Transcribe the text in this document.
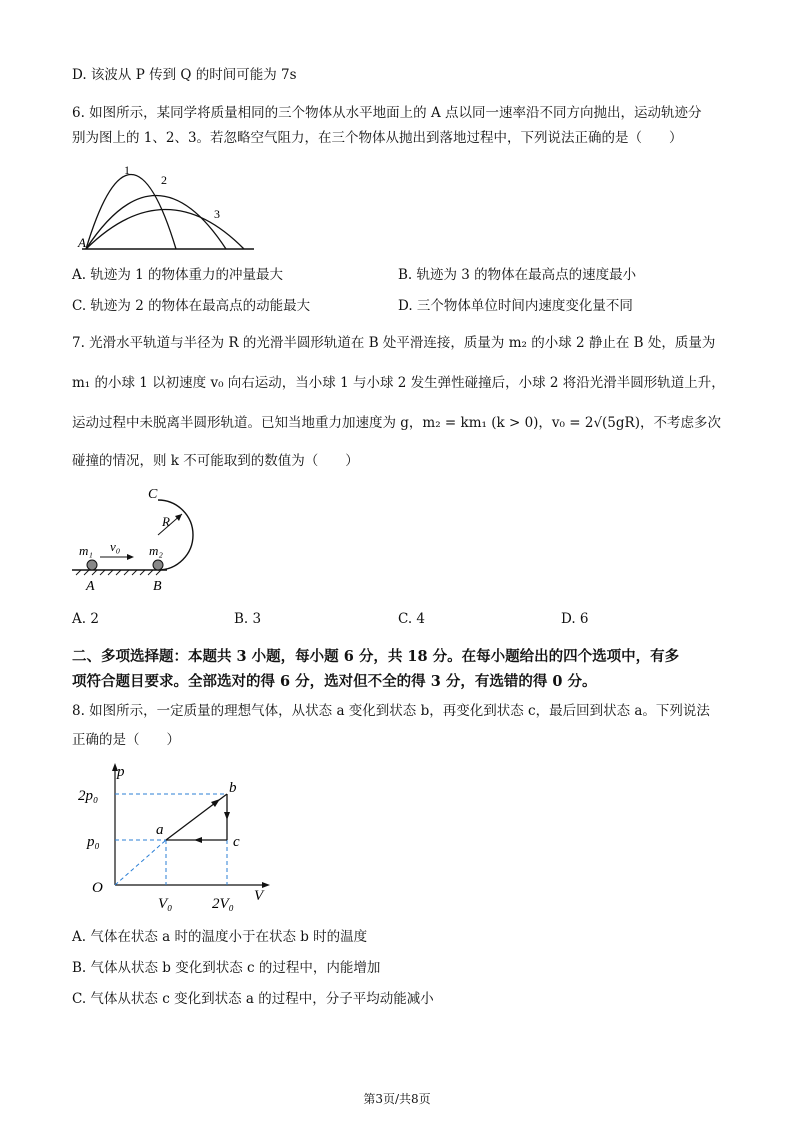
D. 该波从 P 传到 Q 的时间可能为 7s
6. 如图所示，某同学将质量相同的三个物体从水平地面上的 A 点以同一速率沿不同方向抛出，运动轨迹分
别为图上的 1、2、3。若忽略空气阻力，在三个物体从抛出到落地过程中，下列说法正确的是（　　）
A
1
2
3
A. 轨迹为 1 的物体重力的冲量最大	B. 轨迹为 3 的物体在最高点的速度最小
C. 轨迹为 2 的物体在最高点的动能最大	D. 三个物体单位时间内速度变化量不同
7. 光滑水平轨道与半径为 R 的光滑半圆形轨道在 B 处平滑连接，质量为 m₂ 的小球 2 静止在 B 处，质量为
m₁ 的小球 1 以初速度 v₀ 向右运动，当小球 1 与小球 2 发生弹性碰撞后，小球 2 将沿光滑半圆形轨道上升，
运动过程中未脱离半圆形轨道。已知当地重力加速度为 g，m₂ = km₁ (k > 0)，v₀ = 2√(5gR)，不考虑多次
碰撞的情况，则 k 不可能取到的数值为（　　）
C
R
m₁ v₀ m₂
A	B
A. 2	B. 3	C. 4	D. 6
二、多项选择题：本题共 3 小题，每小题 6 分，共 18 分。在每小题给出的四个选项中，有多
项符合题目要求。全部选对的得 6 分，选对但不全的得 3 分，有选错的得 0 分。
8. 如图所示，一定质量的理想气体，从状态 a 变化到状态 b，再变化到状态 c，最后回到状态 a。下列说法
正确的是（　　）
p
V
O
2p₀
p₀
V₀	2V₀
a
b
c
A. 气体在状态 a 时的温度小于在状态 b 时的温度
B. 气体从状态 b 变化到状态 c 的过程中，内能增加
C. 气体从状态 c 变化到状态 a 的过程中，分子平均动能减小
第3页/共8页
